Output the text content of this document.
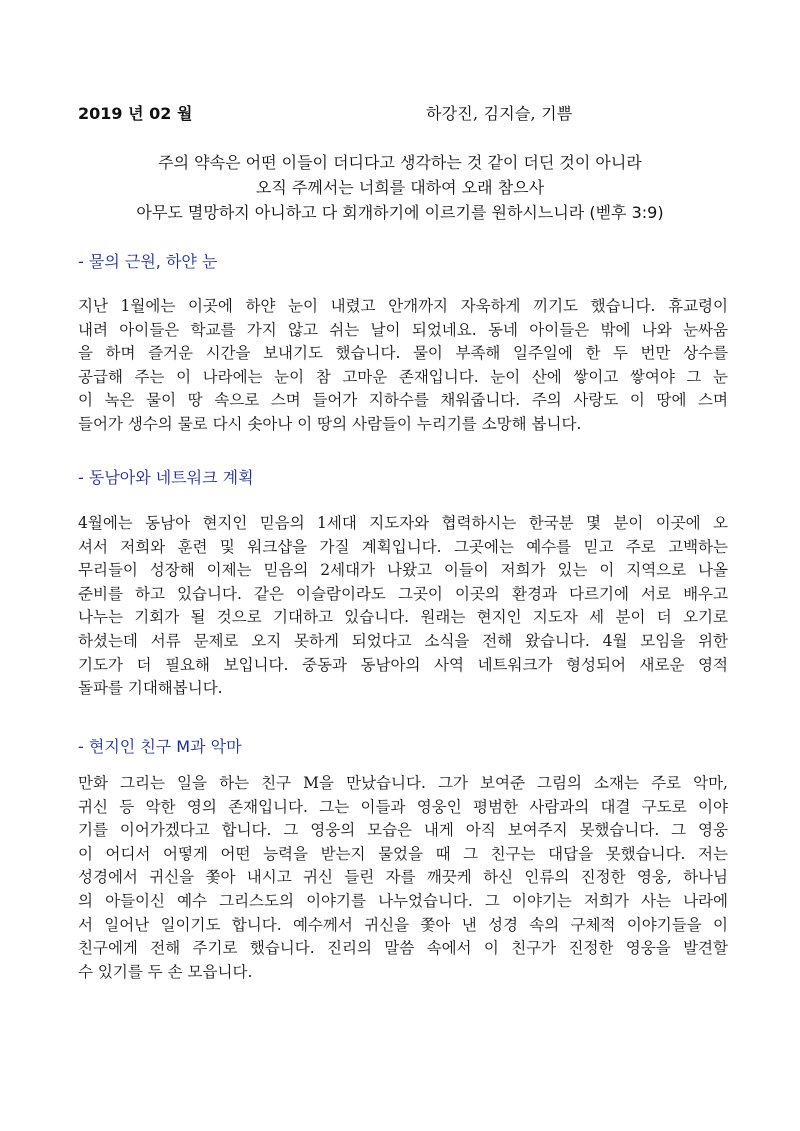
2019 년 02 월	하강진, 김지슬, 기쁨
주의 약속은 어떤 이들이 더디다고 생각하는 것 같이 더딘 것이 아니라
오직 주께서는 너희를 대하여 오래 참으사
아무도 멸망하지 아니하고 다 회개하기에 이르기를 원하시느니라 (벧후 3:9)
- 물의 근원, 하얀 눈
지난 1월에는 이곳에 하얀 눈이 내렸고 안개까지 자욱하게 끼기도 했습니다. 휴교령이
내려 아이들은 학교를 가지 않고 쉬는 날이 되었네요. 동네 아이들은 밖에 나와 눈싸움
을 하며 즐거운 시간을 보내기도 했습니다. 물이 부족해 일주일에 한 두 번만 상수를
공급해 주는 이 나라에는 눈이 참 고마운 존재입니다. 눈이 산에 쌓이고 쌓여야 그 눈
이 녹은 물이 땅 속으로 스며 들어가 지하수를 채워줍니다. 주의 사랑도 이 땅에 스며
들어가 생수의 물로 다시 솟아나 이 땅의 사람들이 누리기를 소망해 봅니다.
- 동남아와 네트워크 계획
4월에는 동남아 현지인 믿음의 1세대 지도자와 협력하시는 한국분 몇 분이 이곳에 오
셔서 저희와 훈련 및 워크샵을 가질 계획입니다. 그곳에는 예수를 믿고 주로 고백하는
무리들이 성장해 이제는 믿음의 2세대가 나왔고 이들이 저희가 있는 이 지역으로 나올
준비를 하고 있습니다. 같은 이슬람이라도 그곳이 이곳의 환경과 다르기에 서로 배우고
나누는 기회가 될 것으로 기대하고 있습니다. 원래는 현지인 지도자 세 분이 더 오기로
하셨는데 서류 문제로 오지 못하게 되었다고 소식을 전해 왔습니다. 4월 모임을 위한
기도가 더 필요해 보입니다. 중동과 동남아의 사역 네트워크가 형성되어 새로운 영적
돌파를 기대해봅니다.
- 현지인 친구 M과 악마
만화 그리는 일을 하는 친구 M을 만났습니다. 그가 보여준 그림의 소재는 주로 악마,
귀신 등 악한 영의 존재입니다. 그는 이들과 영웅인 평범한 사람과의 대결 구도로 이야
기를 이어가겠다고 합니다. 그 영웅의 모습은 내게 아직 보여주지 못했습니다. 그 영웅
이 어디서 어떻게 어떤 능력을 받는지 물었을 때 그 친구는 대답을 못했습니다. 저는
성경에서 귀신을 쫓아 내시고 귀신 들린 자를 깨끗케 하신 인류의 진정한 영웅, 하나님
의 아들이신 예수 그리스도의 이야기를 나누었습니다. 그 이야기는 저희가 사는 나라에
서 일어난 일이기도 합니다. 예수께서 귀신을 쫓아 낸 성경 속의 구체적 이야기들을 이
친구에게 전해 주기로 했습니다. 진리의 말씀 속에서 이 친구가 진정한 영웅을 발견할
수 있기를 두 손 모읍니다.
